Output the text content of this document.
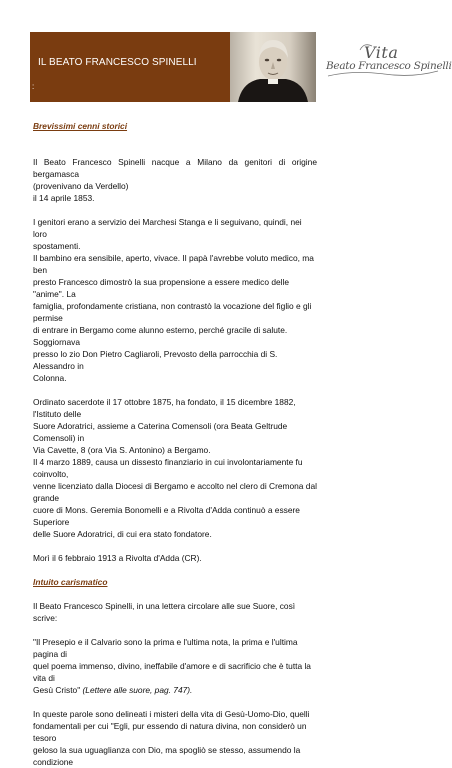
IL BEATO FRANCESCO SPINELLI
:
Vita
Beato Francesco Spinelli

Brevissimi cenni storici

Il Beato Francesco Spinelli nacque a Milano da genitori di origine bergamasca

(provenivano da Verdello)

il 14 aprile 1853.

I genitori erano a servizio dei Marchesi Stanga e li seguivano, quindi, nei loro

spostamenti.

Il bambino era sensibile, aperto, vivace. Il papà l'avrebbe voluto medico, ma ben

presto Francesco dimostrò la sua propensione a essere medico delle "anime". La

famiglia, profondamente cristiana, non contrastò la vocazione del figlio e gli permise

di entrare in Bergamo come alunno esterno, perché gracile di salute. Soggiornava

presso lo zio Don Pietro Cagliaroli, Prevosto della parrocchia di S. Alessandro in

Colonna.

Ordinato sacerdote il 17 ottobre 1875, ha fondato, il 15 dicembre 1882, l'Istituto delle

Suore Adoratrici, assieme a Caterina Comensoli (ora Beata Geltrude Comensoli) in

Via Cavette, 8 (ora Via S. Antonino) a Bergamo.

Il 4 marzo 1889, causa un dissesto finanziario in cui involontariamente fu coinvolto,

venne licenziato dalla Diocesi di Bergamo e accolto nel clero di Cremona dal grande

cuore di Mons. Geremia Bonomelli e a Rivolta d'Adda continuò a essere Superiore

delle Suore Adoratrici, di cui era stato fondatore.

Morì il 6 febbraio 1913 a Rivolta d'Adda (CR).

Intuito carismatico

Il Beato Francesco Spinelli, in una lettera circolare alle sue Suore, così scrive:

"Il Presepio e il Calvario sono la prima e l'ultima nota, la prima e l'ultima pagina di

quel poema immenso, divino, ineffabile d'amore e di sacrificio che è tutta la vita di

Gesù Cristo" (Lettere alle suore, pag. 747).

In queste parole sono delineati i misteri della vita di Gesù-Uomo-Dio, quelli

fondamentali per cui "Egli, pur essendo di natura divina, non considerò un tesoro

geloso la sua uguaglianza con Dio, ma spogliò se stesso, assumendo la condizione
